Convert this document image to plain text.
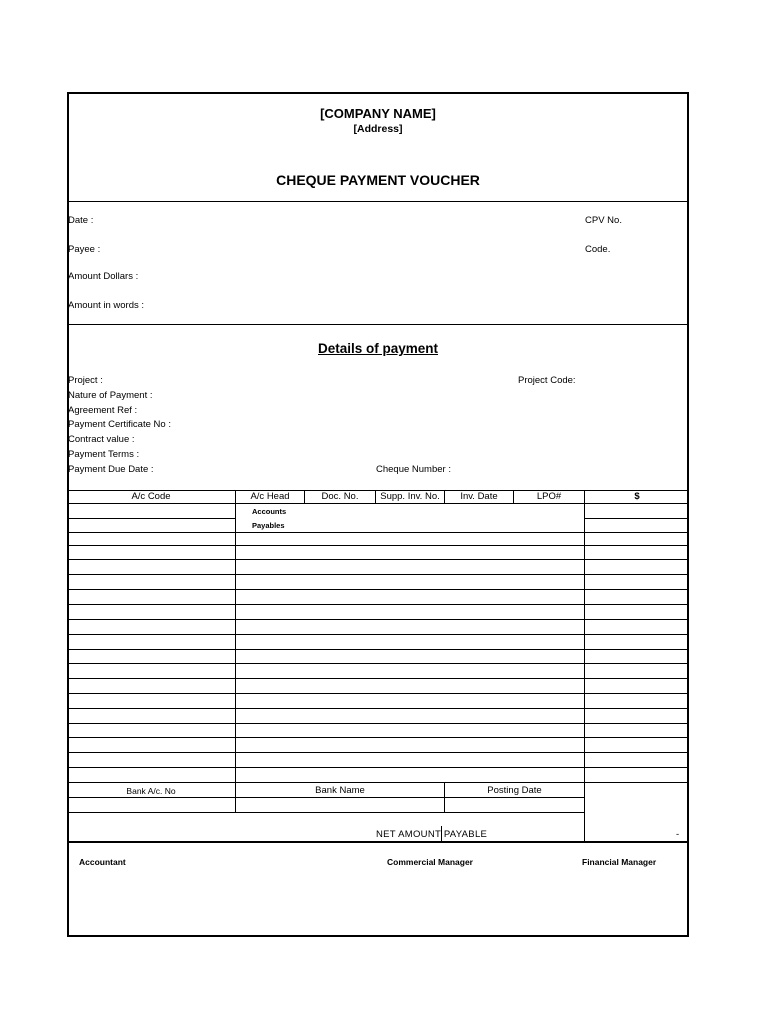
[COMPANY NAME]
[Address]
CHEQUE PAYMENT VOUCHER
Date :	CPV No.
Payee :	Code.
Amount Dollars :
Amount in words :
Details of payment
Project :	Project Code:
Nature of Payment :
Agreement Ref :
Payment Certificate No :
Contract value :
Payment Terms :
Payment Due Date :	Cheque Number :
A/c Code	A/c Head	Doc. No.	Supp. Inv. No.	Inv. Date	LPO#	$
Accounts
Payables
Bank A/c. No	Bank Name	Posting Date
NET AMOUNT PAYABLE	-
Accountant	Commercial Manager	Financial Manager
